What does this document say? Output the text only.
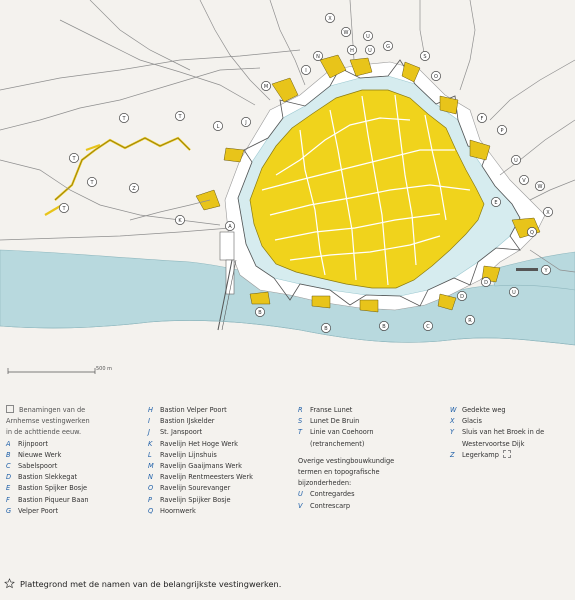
500 m
X
W
U
G
H
S
M
N
I
O
U
D
T	T
T
L
J
F
T
P
Z
T
U
V
W
E
X
K
A
Q
Y
D
U
B
B	B	C
R
Benamingen van de
Arnhemse vestingwerken
in de achttiende eeuw.
A Rijnpoort
B Nieuwe Werk
C Sabelspoort
D Bastion Slekkegat
E Bastion Spijker Bosje
F Bastion Piqueur Baan
G Velper Poort
H Bastion Velper Poort
I Bastion IJskelder
J St. Janspoort
K Ravelijn Het Hoge Werk
L Ravelijn Lijnshuis
M Ravelijn Gaaijmans Werk
N Ravelijn Rentmeesters Werk
O Ravelijn Sourevanger
P Ravelijn Spijker Bosje
Q Hoornwerk
R Franse Lunet
S Lunet De Bruin
T Linie van Coehoorn
(retranchement)
Overige vestingbouwkundige
termen en topografische
bijzonderheden:
U Contregardes
V Contrescarp
W Gedekte weg
X Glacis
Y Sluis van het Broek in de
Westervoortse Dijk
Z Legerkamp
Plattegrond met de namen van de belangrijkste vestingwerken.
